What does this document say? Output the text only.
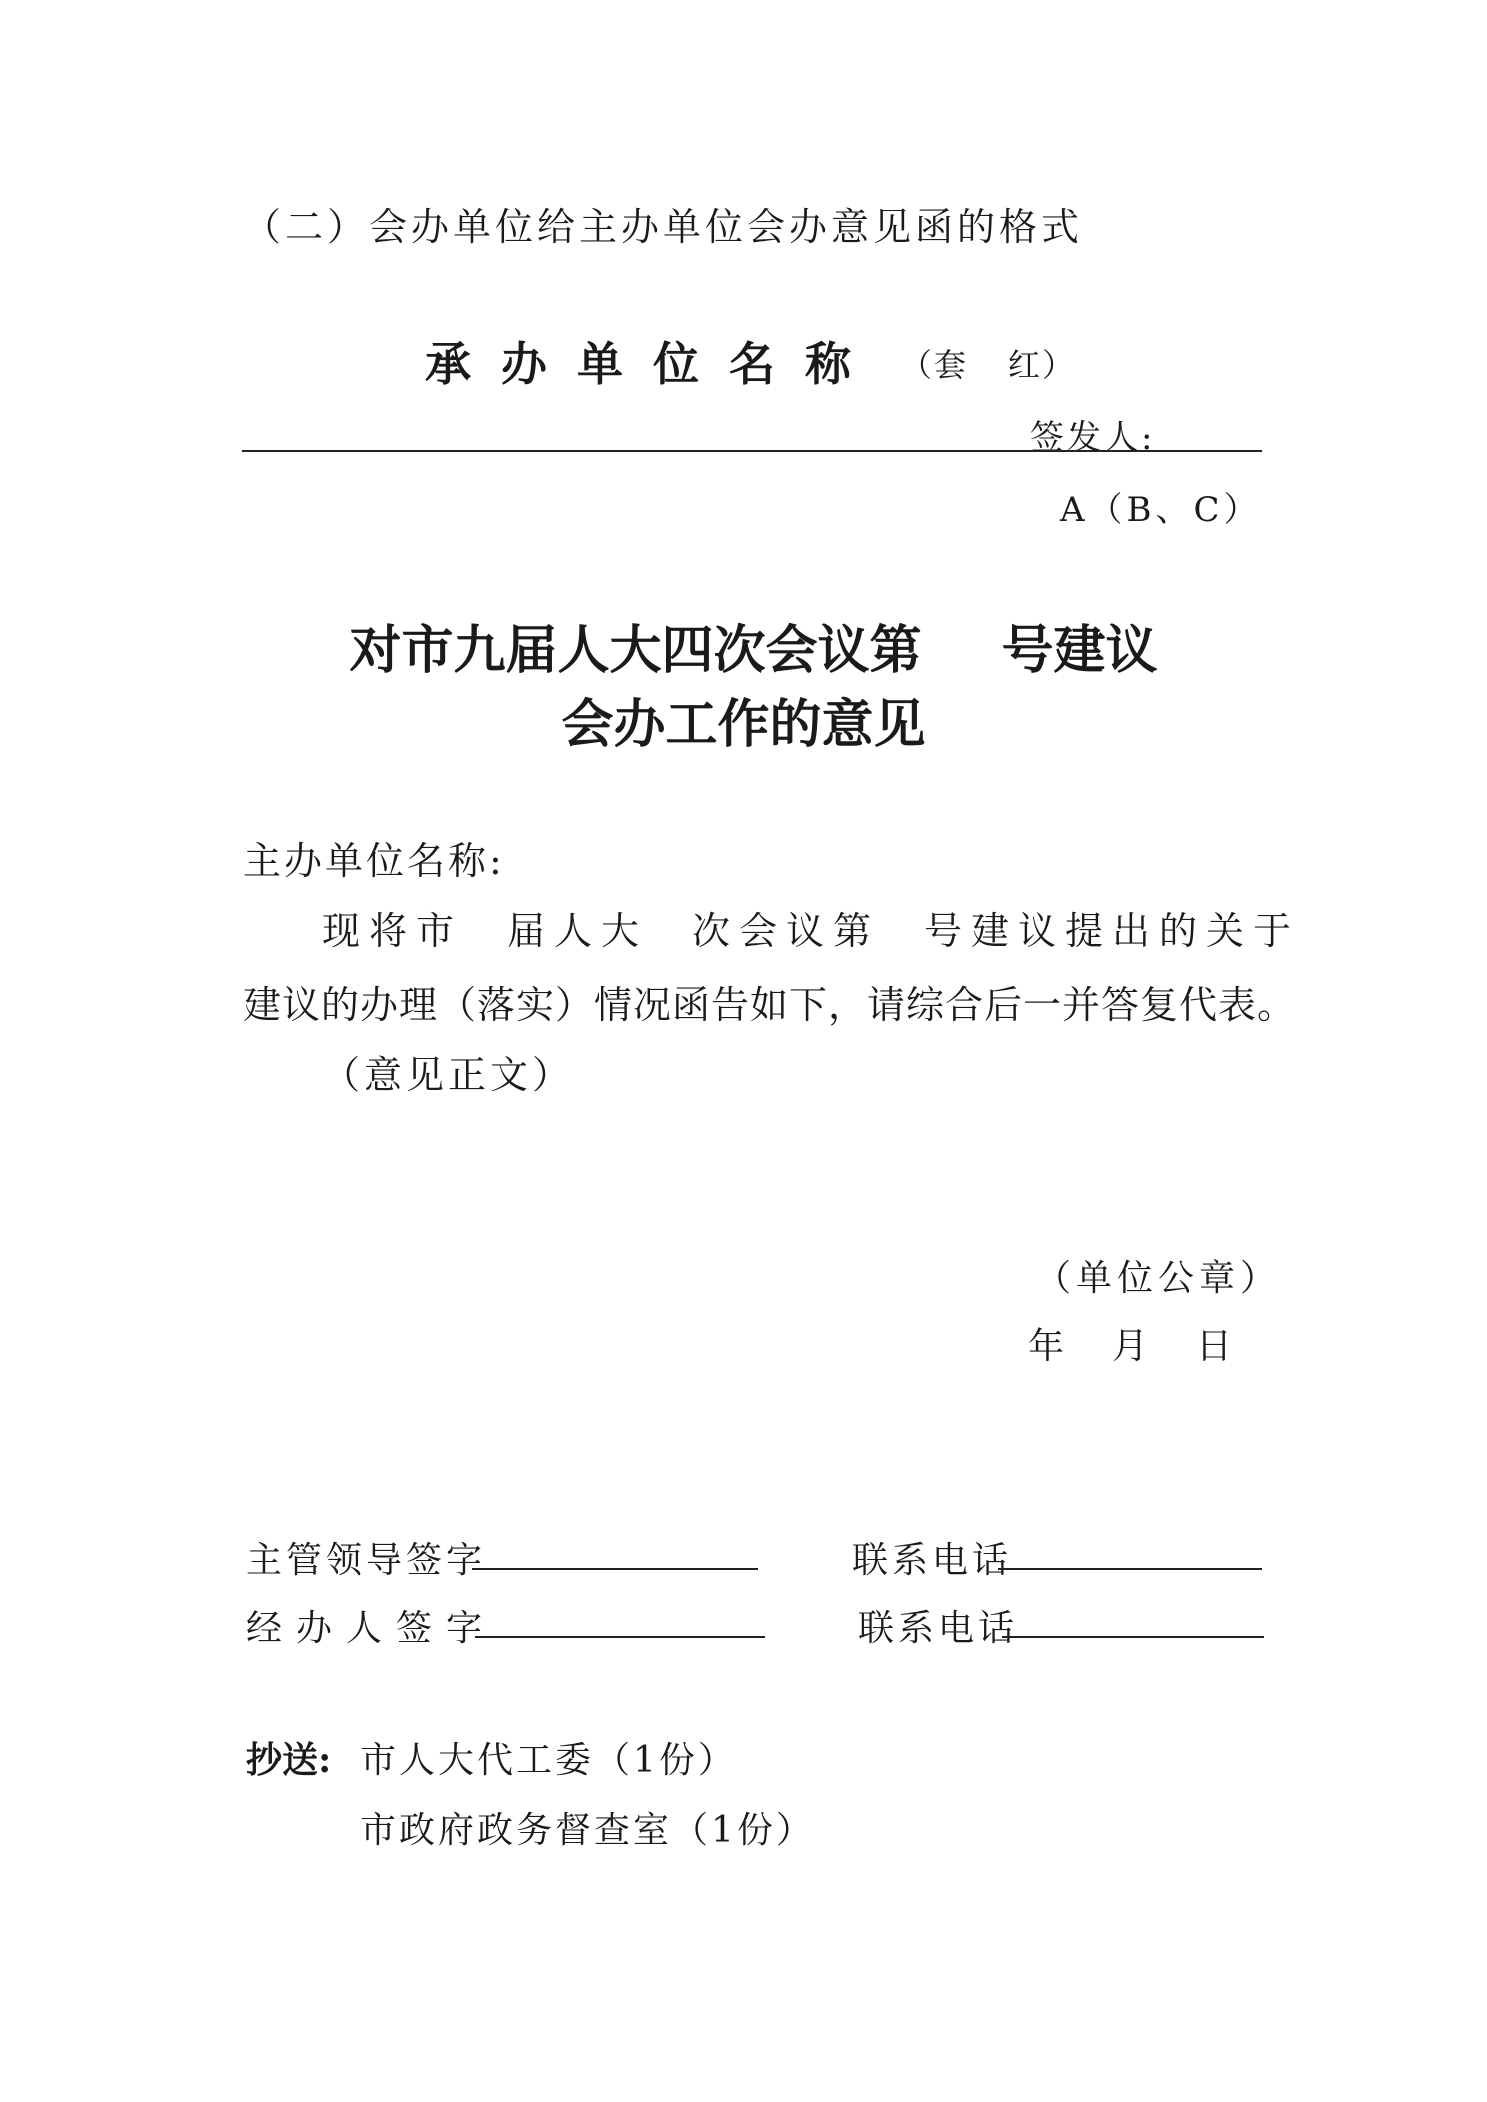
（二）会办单位给主办单位会办意见函的格式
承办单位名称 （套 红）
签发人:
A（B、C）
对市九届人大四次会议第 号建议
会办工作的意见
主办单位名称:
现将市 届人大 次会议第 号建议提出的关于
建议的办理（落实）情况函告如下，请综合后一并答复代表。
（意见正文）
（单位公章）
年 月 日
主管领导签字	联系电话
经办人签字	联系电话
抄送: 市人大代工委（1份）
市政府政务督查室（1份）
